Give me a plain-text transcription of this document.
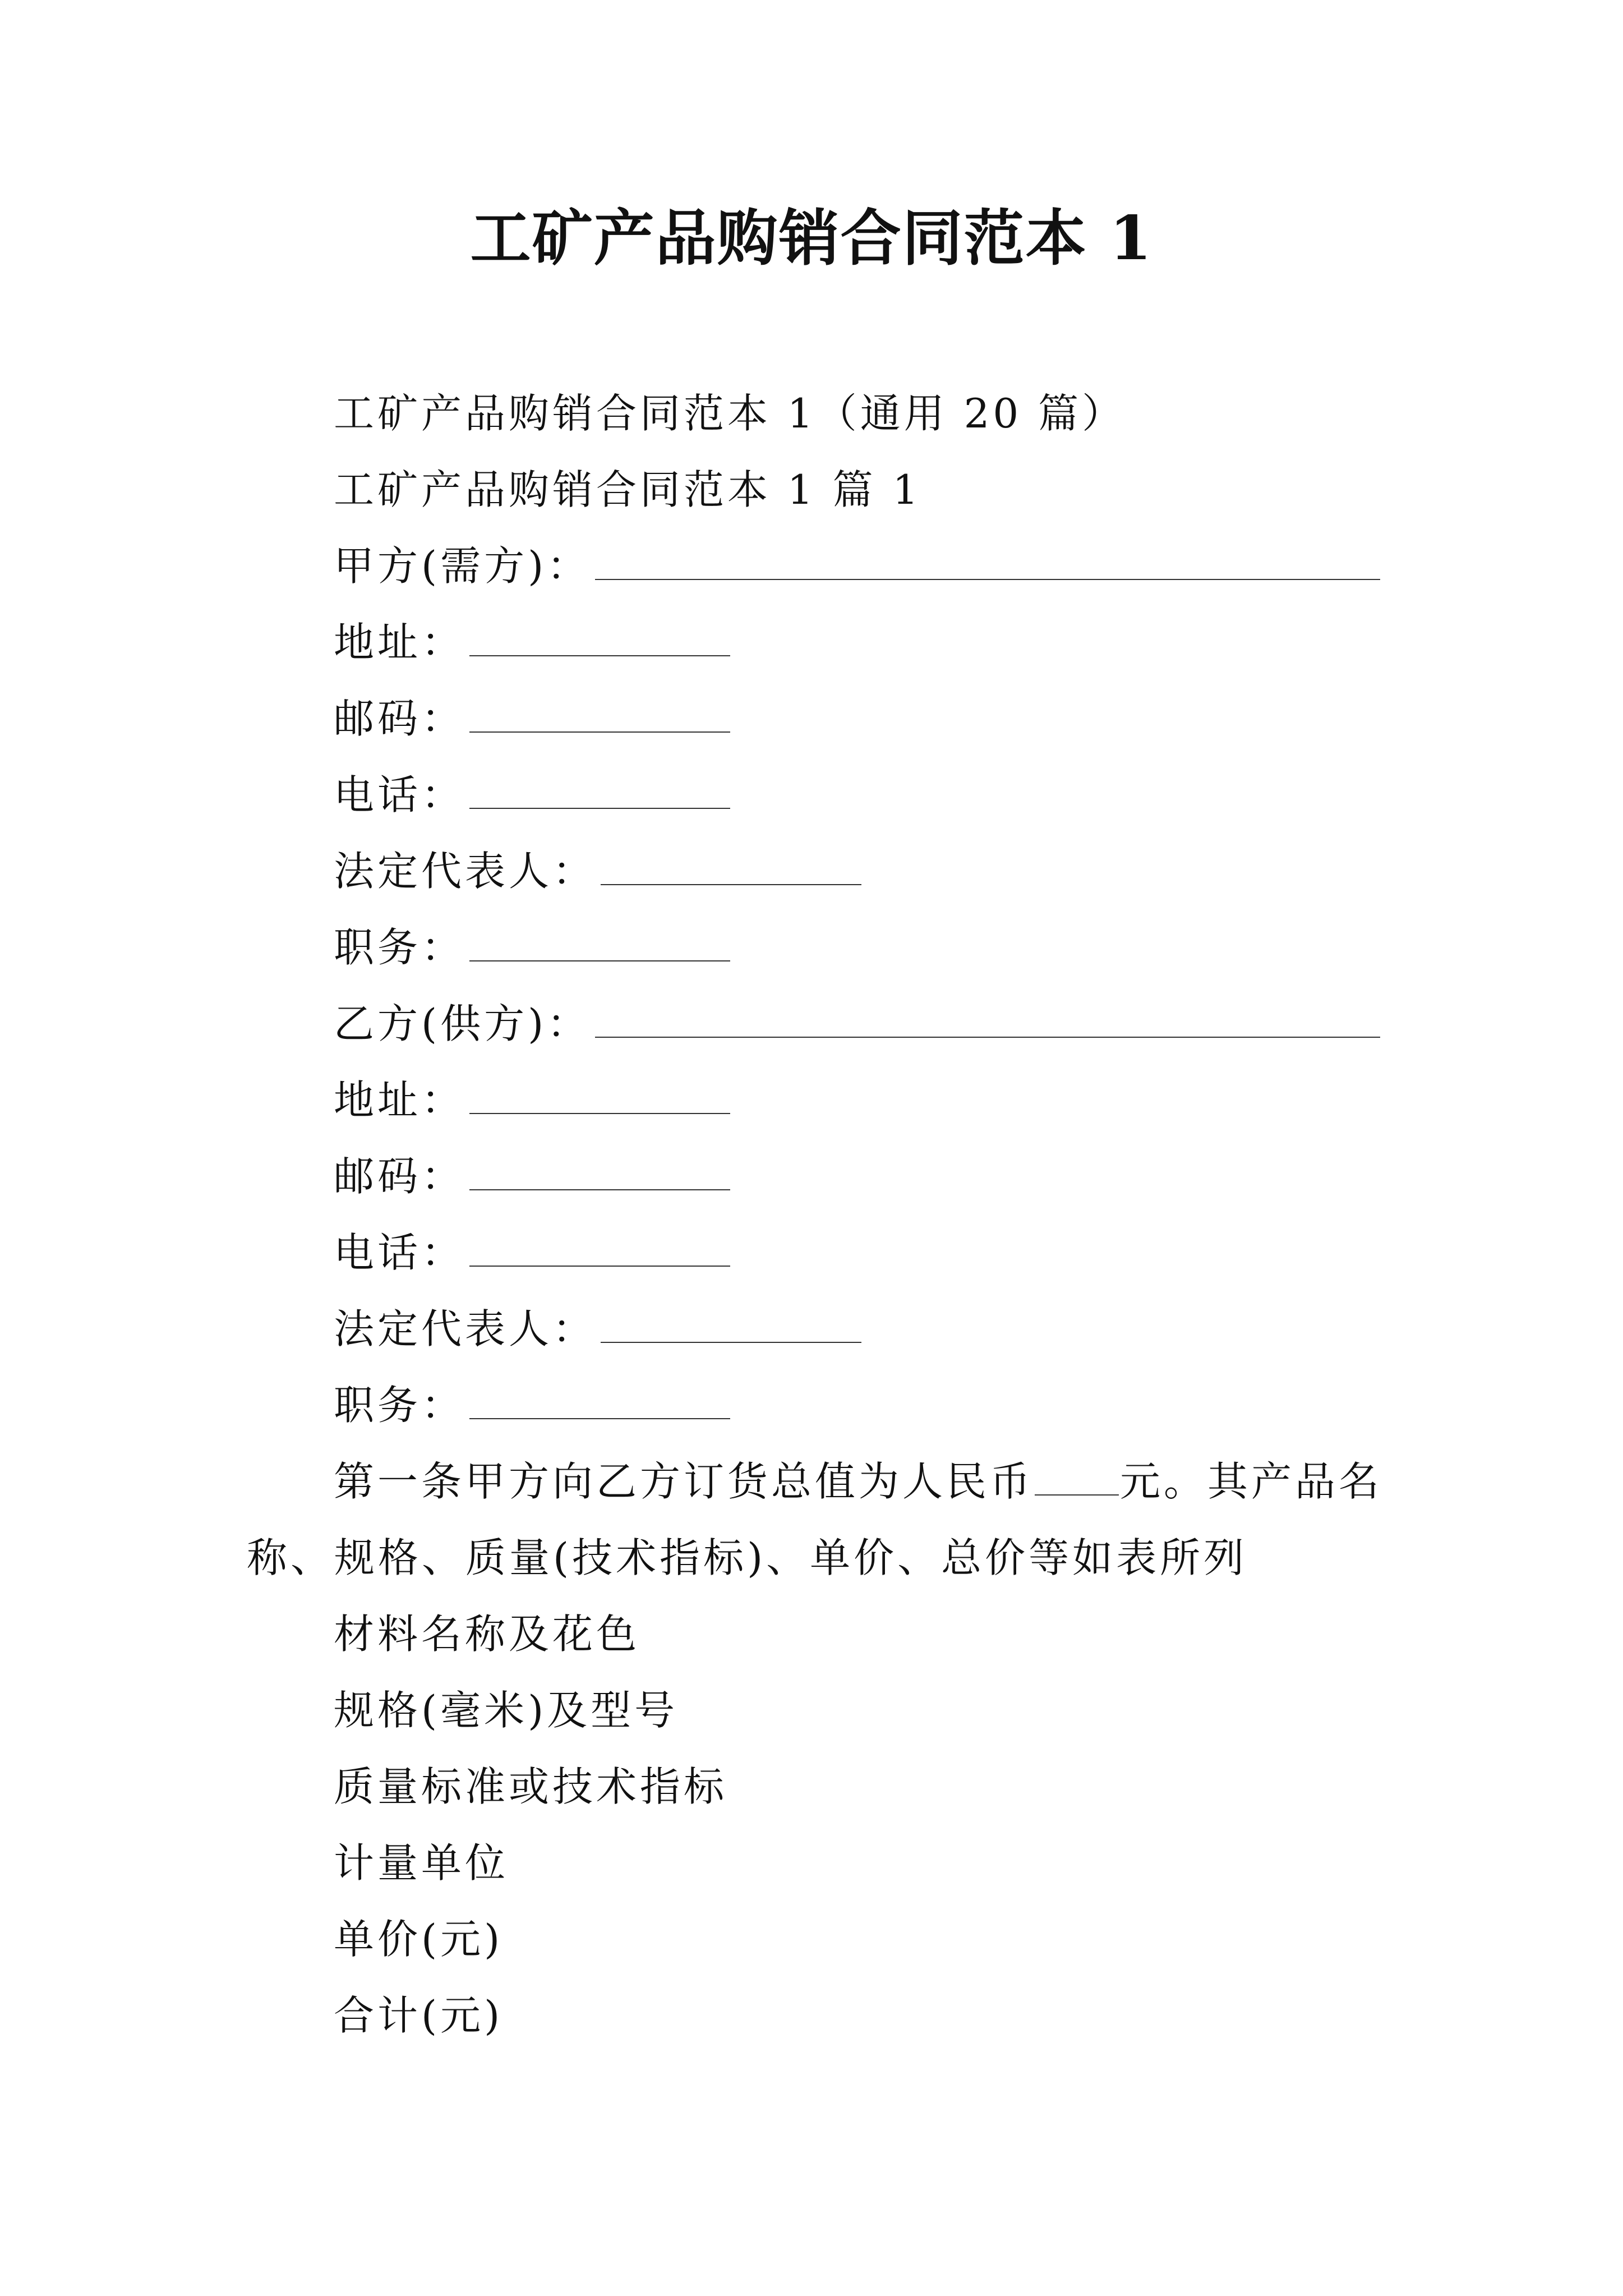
工矿产品购销合同范本 1
工矿产品购销合同范本 1（通用 20 篇）
工矿产品购销合同范本 1 篇 1
甲方(需方)：
地址：
邮码：
电话：
法定代表人：
职务：
乙方(供方)：
地址：
邮码：
电话：
法定代表人：
职务：
第一条甲方向乙方订货总值为人民币 元。其产品名
称、规格、质量(技术指标)、单价、总价等如表所列
材料名称及花色
规格(毫米)及型号
质量标准或技术指标
计量单位
单价(元)
合计(元)
